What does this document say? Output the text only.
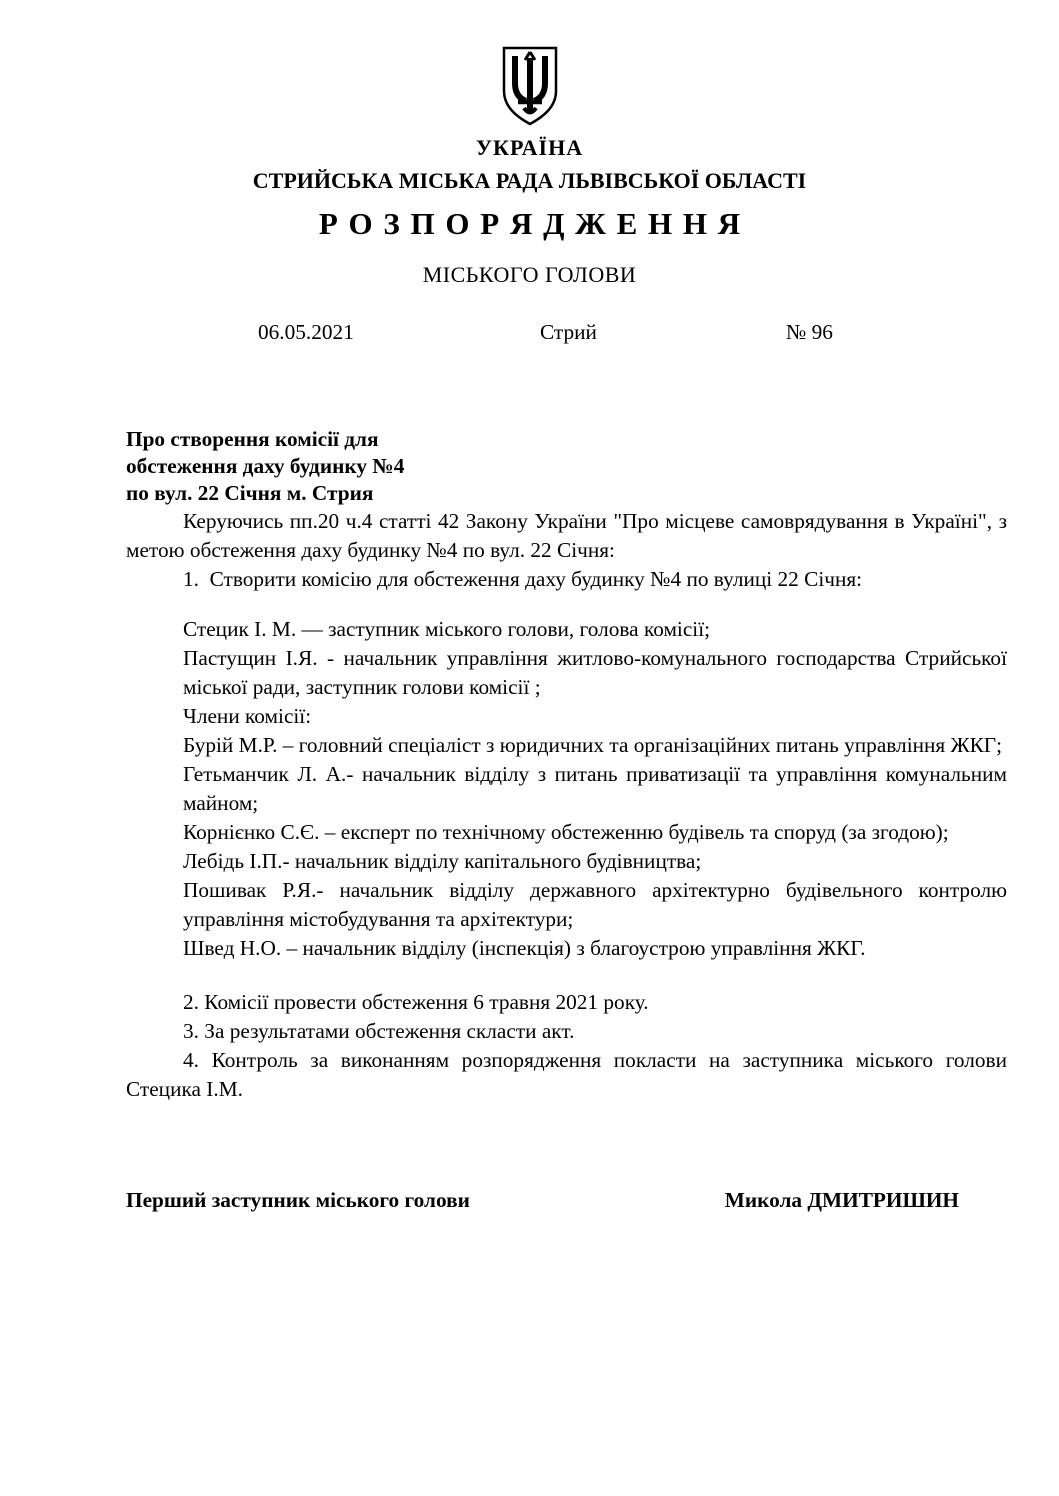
УКРАЇНА
СТРИЙСЬКА МІСЬКА РАДА ЛЬВІВСЬКОЇ ОБЛАСТІ
Р О З П О Р Я Д Ж Е Н Н Я
МІСЬКОГО ГОЛОВИ
06.05.2021	Стрий	№ 96
Про створення комісії для
обстеження даху будинку №4
по вул. 22 Січня м. Стрия

Керуючись пп.20 ч.4 статті 42 Закону України "Про місцеве самоврядування в Україні", з метою обстеження даху будинку №4 по вул. 22 Січня:

1.  Створити комісію для обстеження даху будинку №4 по вулиці 22 Січня:

Стецик І. М. — заступник міського голови, голова комісії;

Пастущин І.Я. - начальник управління житлово-комунального господарства Стрийської міської ради, заступник голови комісії ;

Члени комісії:

Бурій М.Р. – головний спеціаліст з юридичних та організаційних питань управління ЖКГ;

Гетьманчик Л. А.- начальник відділу з питань приватизації та управління комунальним майном;

Корнієнко С.Є. – експерт по технічному обстеженню будівель та споруд (за згодою);

Лебідь І.П.- начальник відділу капітального будівництва;

Пошивак Р.Я.- начальник відділу державного архітектурно будівельного контролю управління містобудування та архітектури;

Швед Н.О. – начальник відділу (інспекція) з благоустрою управління ЖКГ.

2. Комісії провести обстеження 6 травня 2021 року.

3. За результатами обстеження скласти акт.

4. Контроль за виконанням розпорядження покласти на заступника міського голови Стецика І.М.

Перший заступник міського голови	Микола ДМИТРИШИН
